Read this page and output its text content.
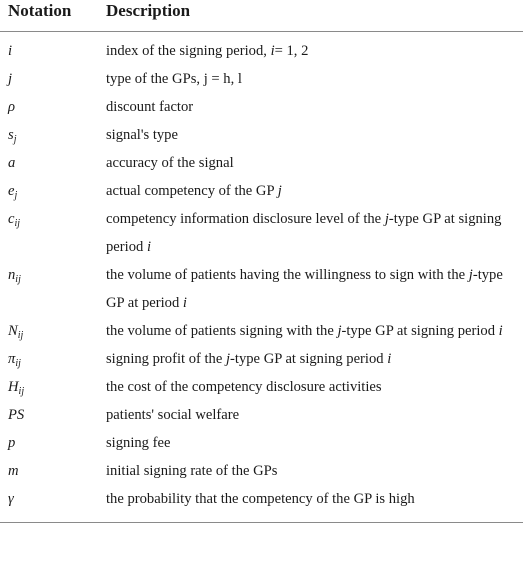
Notation	Description
i	index of the signing period, i= 1, 2
j	type of the GPs, j = h, l
ρ	discount factor
$s_j$	signal's type
a	accuracy of the signal
$e_j$	actual competency of the GP j
$c_{ij}$	competency information disclosure level of the j-type GP at signing period i
$n_{ij}$	the volume of patients having the willingness to sign with the j-type GP at period i
$N_{ij}$	the volume of patients signing with the j-type GP at signing period i
$\pi_{ij}$	signing profit of the j-type GP at signing period i
$H_{ij}$	the cost of the competency disclosure activities
PS	patients' social welfare
p	signing fee
m	initial signing rate of the GPs
γ	the probability that the competency of the GP is high
